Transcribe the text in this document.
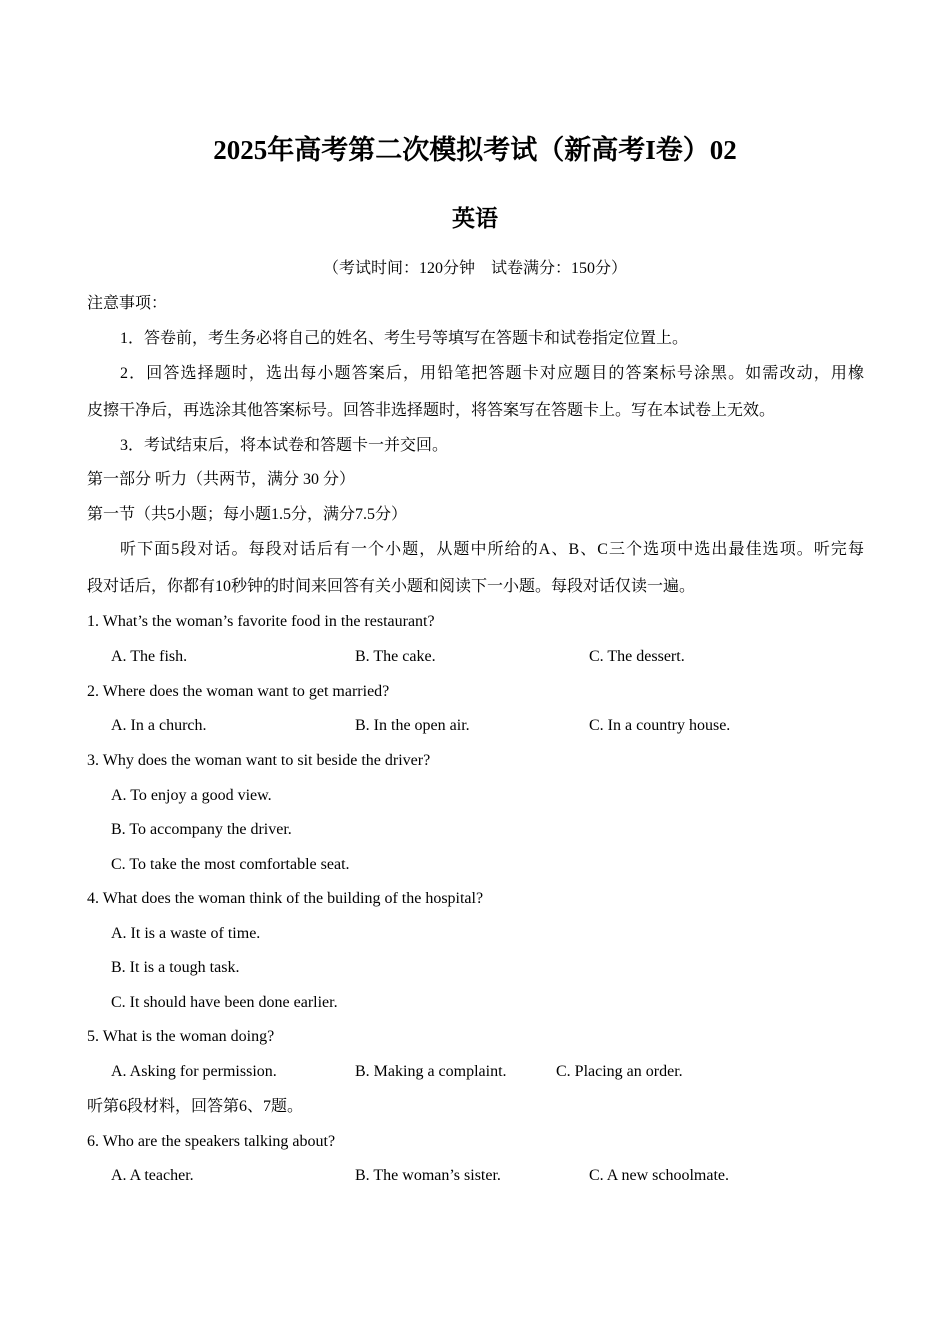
2025年高考第二次模拟考试（新高考I卷）02
英语
（考试时间：120分钟　试卷满分：150分）
注意事项：
1．答卷前，考生务必将自己的姓名、考生号等填写在答题卡和试卷指定位置上。
2．回答选择题时，选出每小题答案后，用铅笔把答题卡对应题目的答案标号涂黑。如需改动，用橡
皮擦干净后，再选涂其他答案标号。回答非选择题时，将答案写在答题卡上。写在本试卷上无效。
3．考试结束后，将本试卷和答题卡一并交回。
第一部分 听力（共两节，满分 30 分）
第一节（共5小题；每小题1.5分，满分7.5分）
听下面5段对话。每段对话后有一个小题，从题中所给的A、B、C三个选项中选出最佳选项。听完每
段对话后，你都有10秒钟的时间来回答有关小题和阅读下一小题。每段对话仅读一遍。
1. What’s the woman’s favorite food in the restaurant?
A. The fish.	B. The cake.	C. The dessert.
2. Where does the woman want to get married?
A. In a church.	B. In the open air.	C. In a country house.
3. Why does the woman want to sit beside the driver?
A. To enjoy a good view.
B. To accompany the driver.
C. To take the most comfortable seat.
4. What does the woman think of the building of the hospital?
A. It is a waste of time.
B. It is a tough task.
C. It should have been done earlier.
5. What is the woman doing?
A. Asking for permission.	B. Making a complaint.	C. Placing an order.
听第6段材料，回答第6、7题。
6. Who are the speakers talking about?
A. A teacher.	B. The woman’s sister.	C. A new schoolmate.
